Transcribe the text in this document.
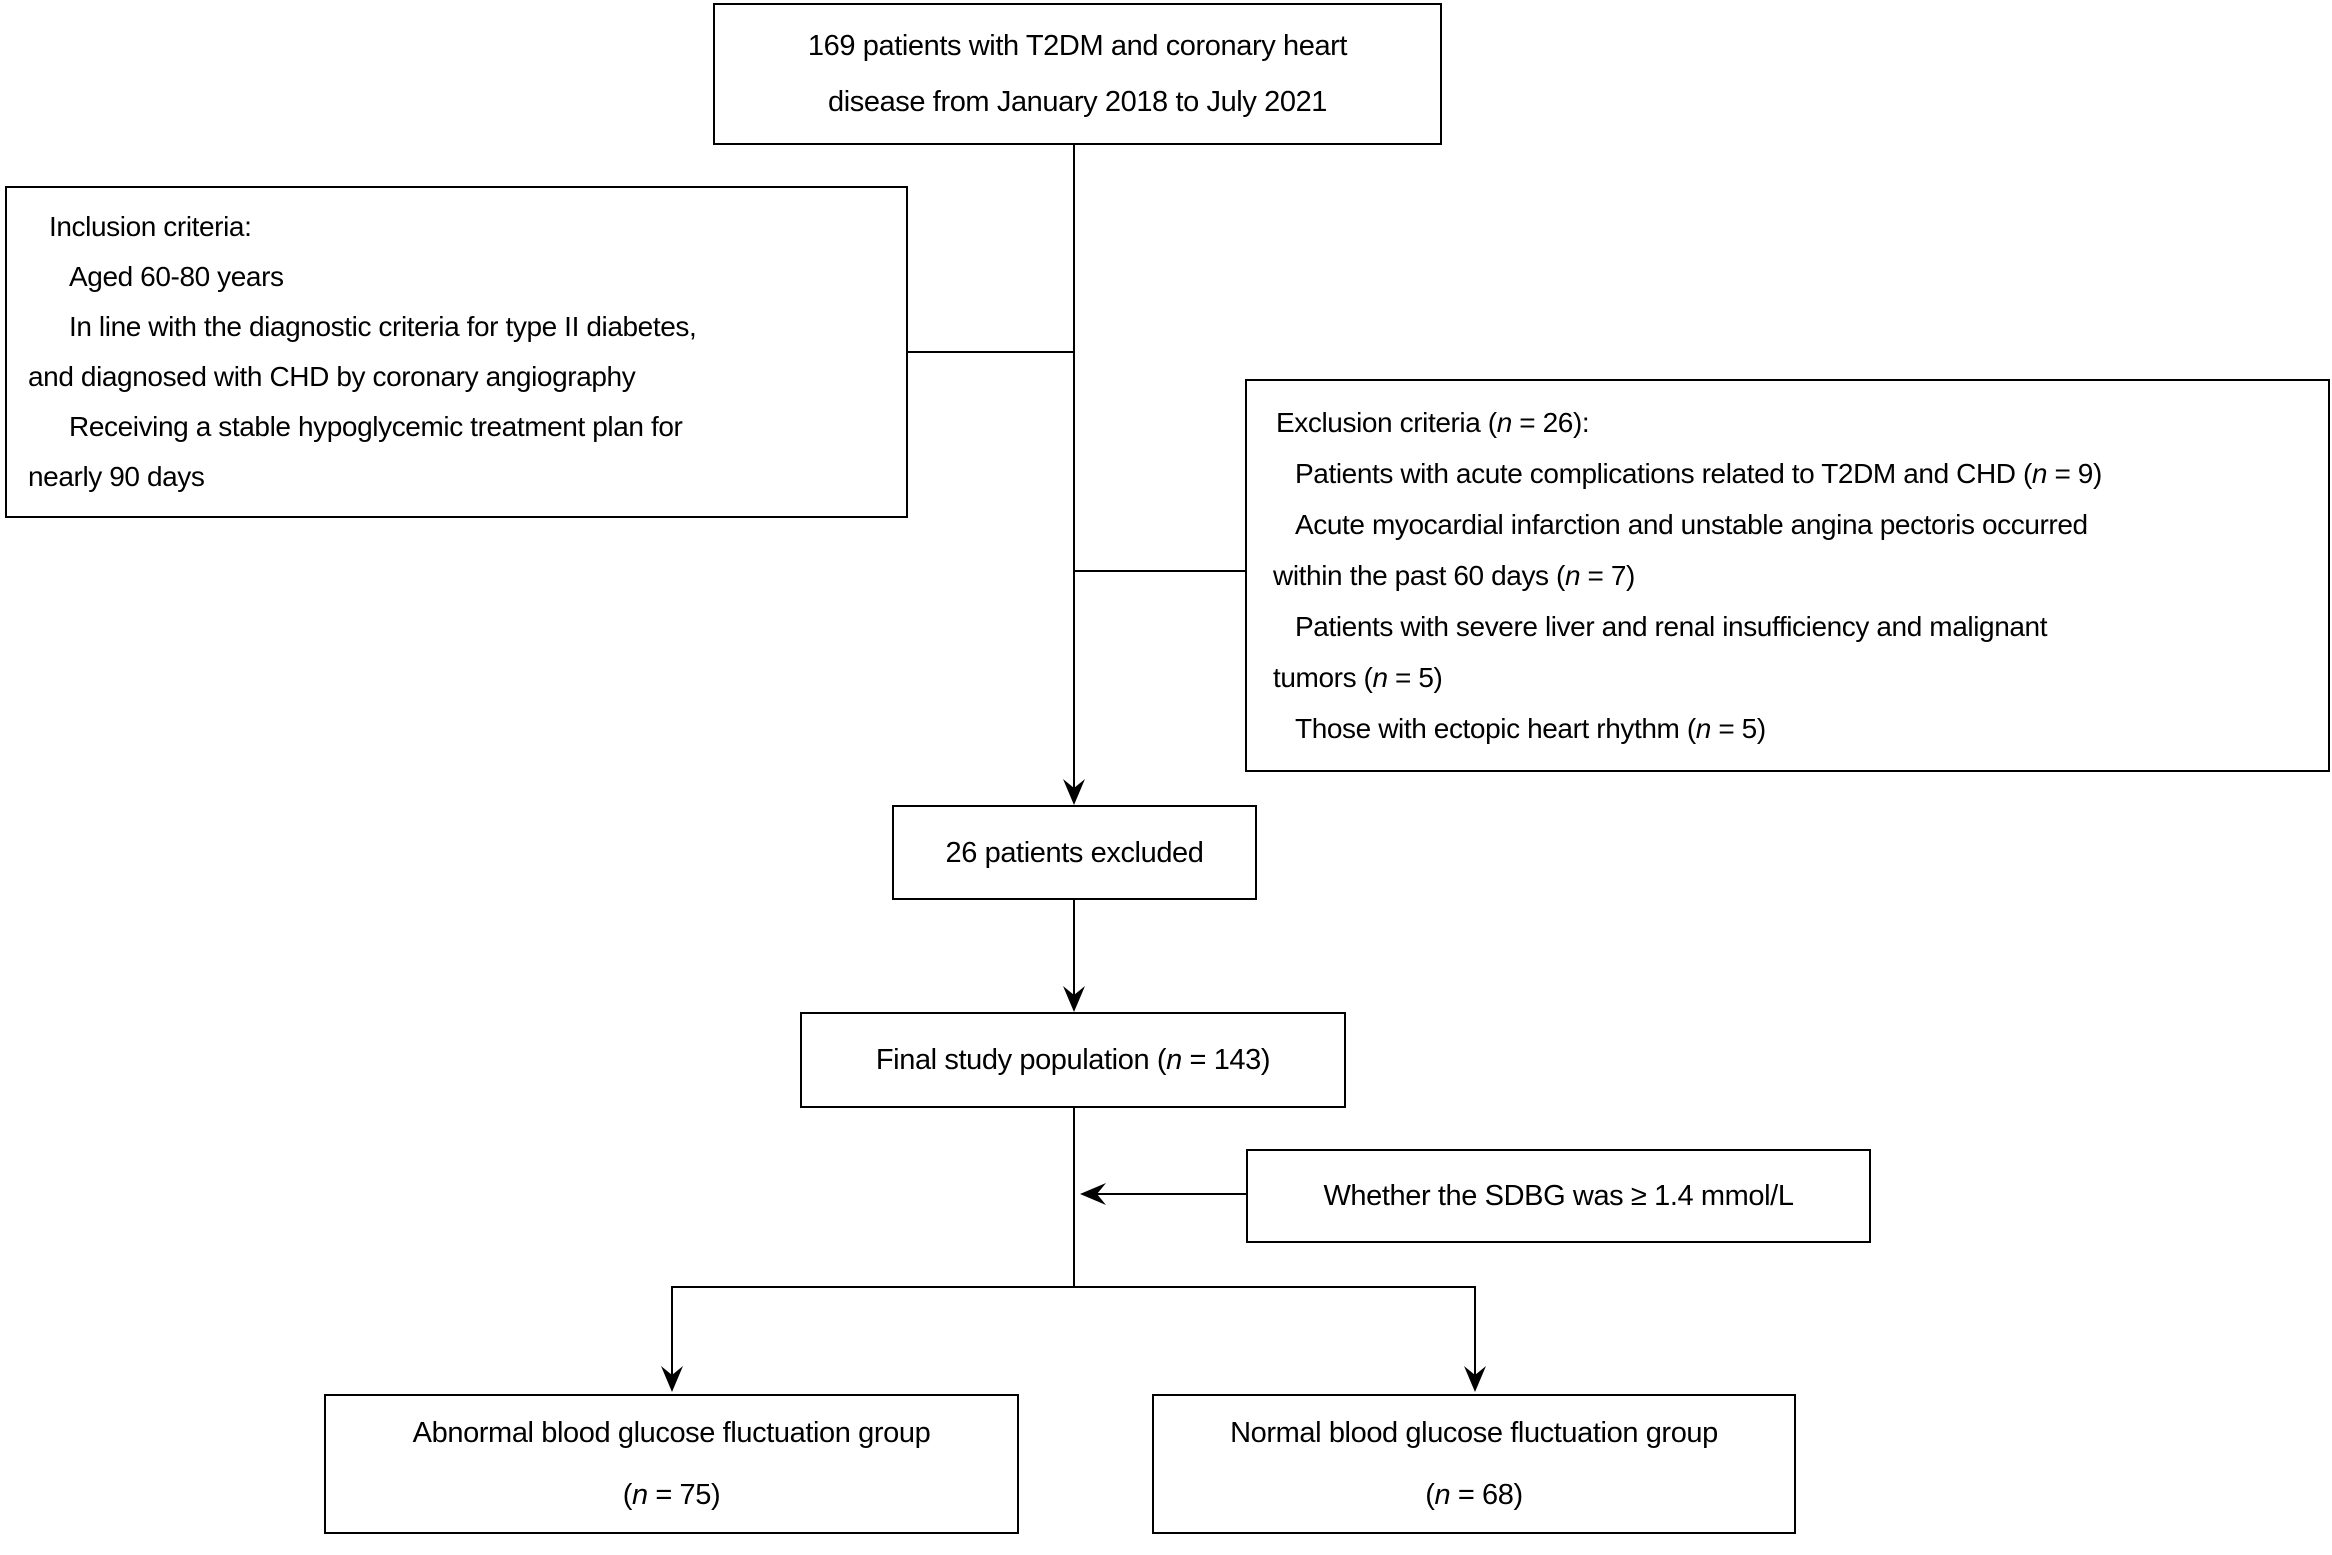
169 patients with T2DM and coronary heart
disease from January 2018 to July 2021
Inclusion criteria:
Aged 60-80 years
In line with the diagnostic criteria for type II diabetes,
and diagnosed with CHD by coronary angiography
Receiving a stable hypoglycemic treatment plan for
nearly 90 days
Exclusion criteria (n = 26):
Patients with acute complications related to T2DM and CHD (n = 9)
Acute myocardial infarction and unstable angina pectoris occurred
within the past 60 days (n = 7)
Patients with severe liver and renal insufficiency and malignant
tumors (n = 5)
Those with ectopic heart rhythm (n = 5)
26 patients excluded
Final study population (n = 143)
Whether the SDBG was ≥ 1.4 mmol/L
Abnormal blood glucose fluctuation group
(n = 75)
Normal blood glucose fluctuation group
(n = 68)
